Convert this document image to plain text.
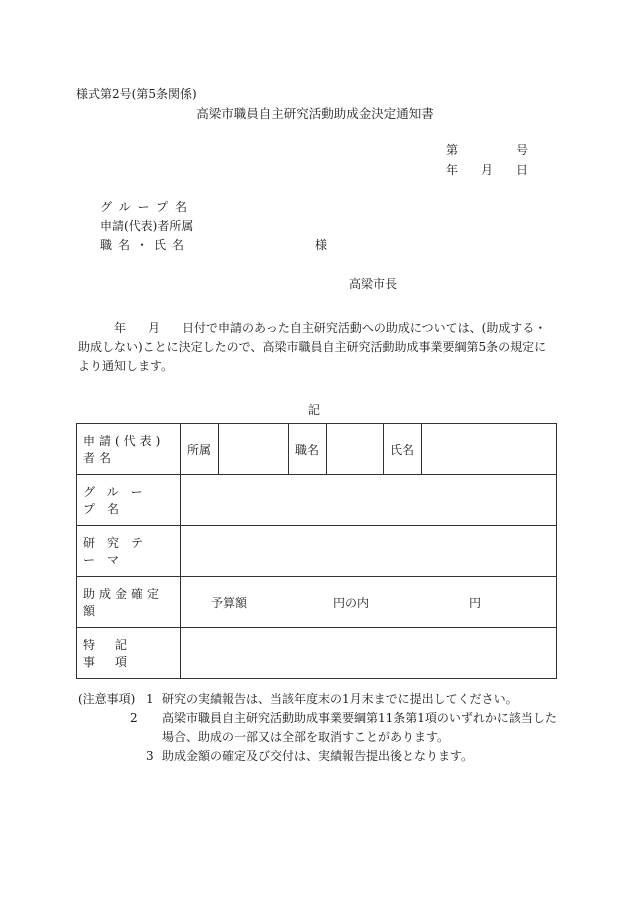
様式第2号(第5条関係)
高梁市職員自主研究活動助成金決定通知書
第	号
年 月 日
グループ名
申請(代表)者所属
職名・氏名	様
高梁市長
年 月 日付で申請のあった自主研究活動への助成については、(助成する・助成しない)ことに決定したので、高梁市職員自主研究活動助成事業要綱第5条の規定により通知します。
記
申請(代表)者名	所属 職名 氏名

グループ名	
研究テーマ	
助成金確定額	予算額 円の内 円
特記事項	
(注意事項) 1 研究の実績報告は、当該年度末の1月末までに提出してください。
2 高梁市職員自主研究活動助成事業要綱第11条第1項のいずれかに該当した場合、助成の一部又は全部を取消すことがあります。
3 助成金額の確定及び交付は、実績報告提出後となります。
